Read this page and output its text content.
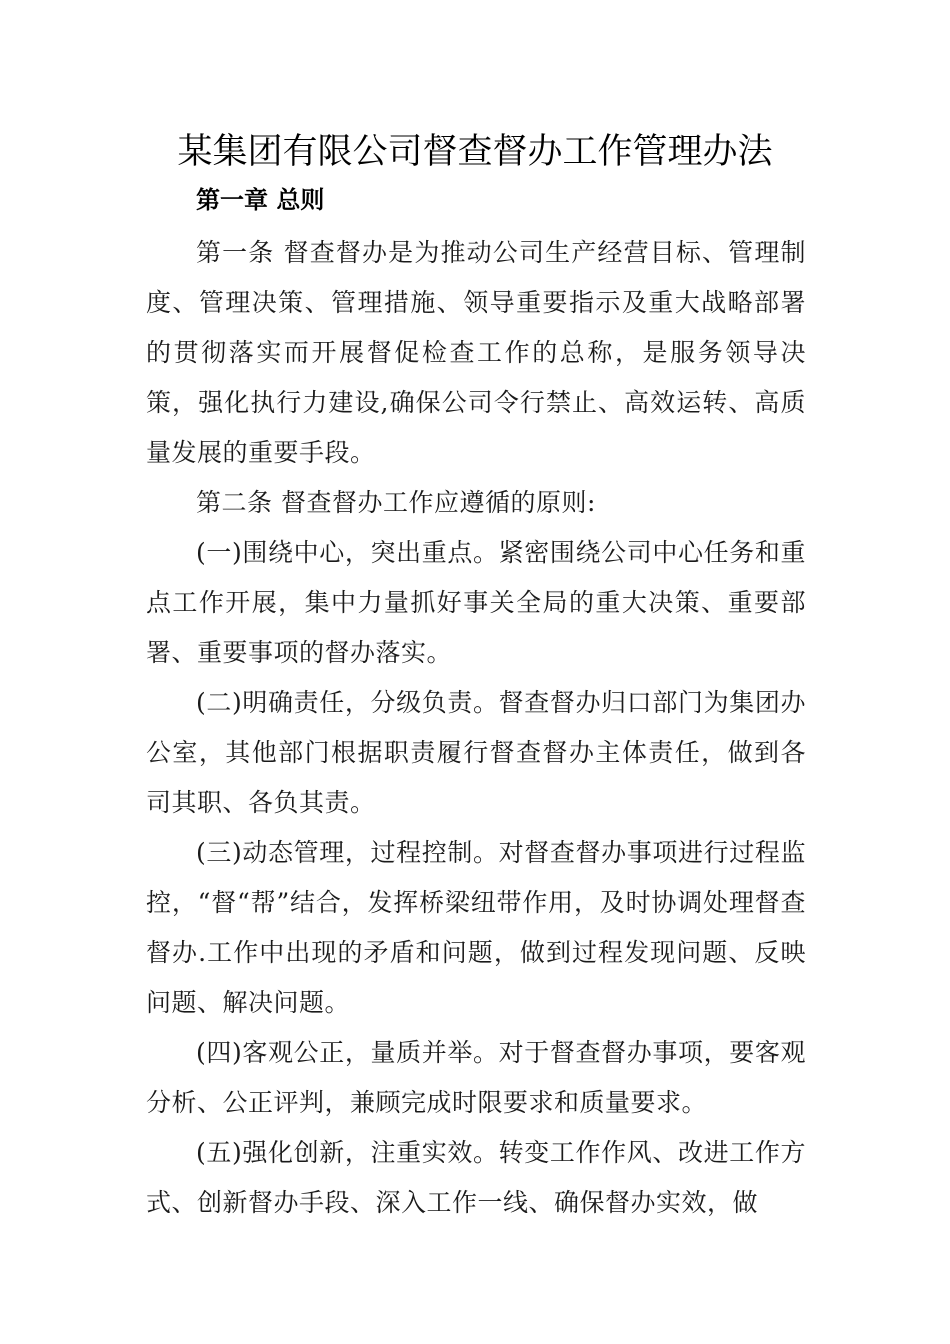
某集团有限公司督查督办工作管理办法
第一章 总则

第一条 督查督办是为推动公司生产经营目标、管理制度、管理决策、管理措施、领导重要指示及重大战略部署的贯彻落实而开展督促检查工作的总称，是服务领导决策，强化执行力建设,确保公司令行禁止、高效运转、高质量发展的重要手段。

第二条 督查督办工作应遵循的原则:

(一)围绕中心，突出重点。紧密围绕公司中心任务和重点工作开展，集中力量抓好事关全局的重大决策、重要部署、重要事项的督办落实。

(二)明确责任，分级负责。督查督办归口部门为集团办公室，其他部门根据职责履行督查督办主体责任，做到各司其职、各负其责。

(三)动态管理，过程控制。对督查督办事项进行过程监控，“督“帮”结合，发挥桥梁纽带作用，及时协调处理督查督办.工作中出现的矛盾和问题，做到过程发现问题、反映问题、解决问题。

(四)客观公正，量质并举。对于督查督办事项，要客观分析、公正评判，兼顾完成时限要求和质量要求。

(五)强化创新，注重实效。转变工作作风、改进工作方式、创新督办手段、深入工作一线、确保督办实效，做
